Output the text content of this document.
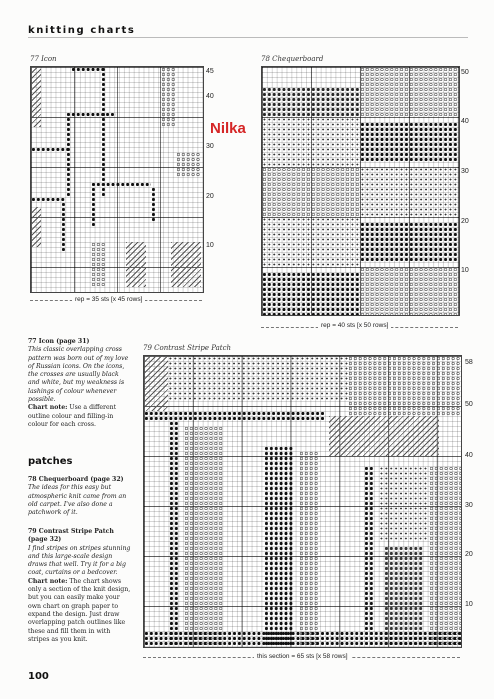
knitting charts
77 Icon
45
40
30
20
10
rep = 35 sts [x 45 rows]
Nilka
78 Chequerboard
50
40
30
20
10
rep = 40 sts [x 50 rows]
79 Contrast Stripe Patch
58
50
40
30
20
10
this section = 65 sts [x 58 rows]
77 Icon (page 31)
This classic overlapping cross pattern was born out of my love of Russian icons. On the icons, the crosses are usually black and white, but my weakness is lashings of colour whenever possible.
Chart note: Use a different outline colour and filling-in colour for each cross.
patches
78 Chequerboard (page 32)
The ideas for this easy but atmospheric knit came from an old carpet. I've also done a patchwork of it.
79 Contrast Stripe Patch (page 32)
I find stripes on stripes stunning and this large-scale design draws that well. Try it for a big coat, curtains or a bedcover.
Chart note: The chart shows only a section of the knit design, but you can easily make your own chart on graph paper to expand the design. Just draw overlapping patch outlines like these and fill them in with stripes as you knit.
100
